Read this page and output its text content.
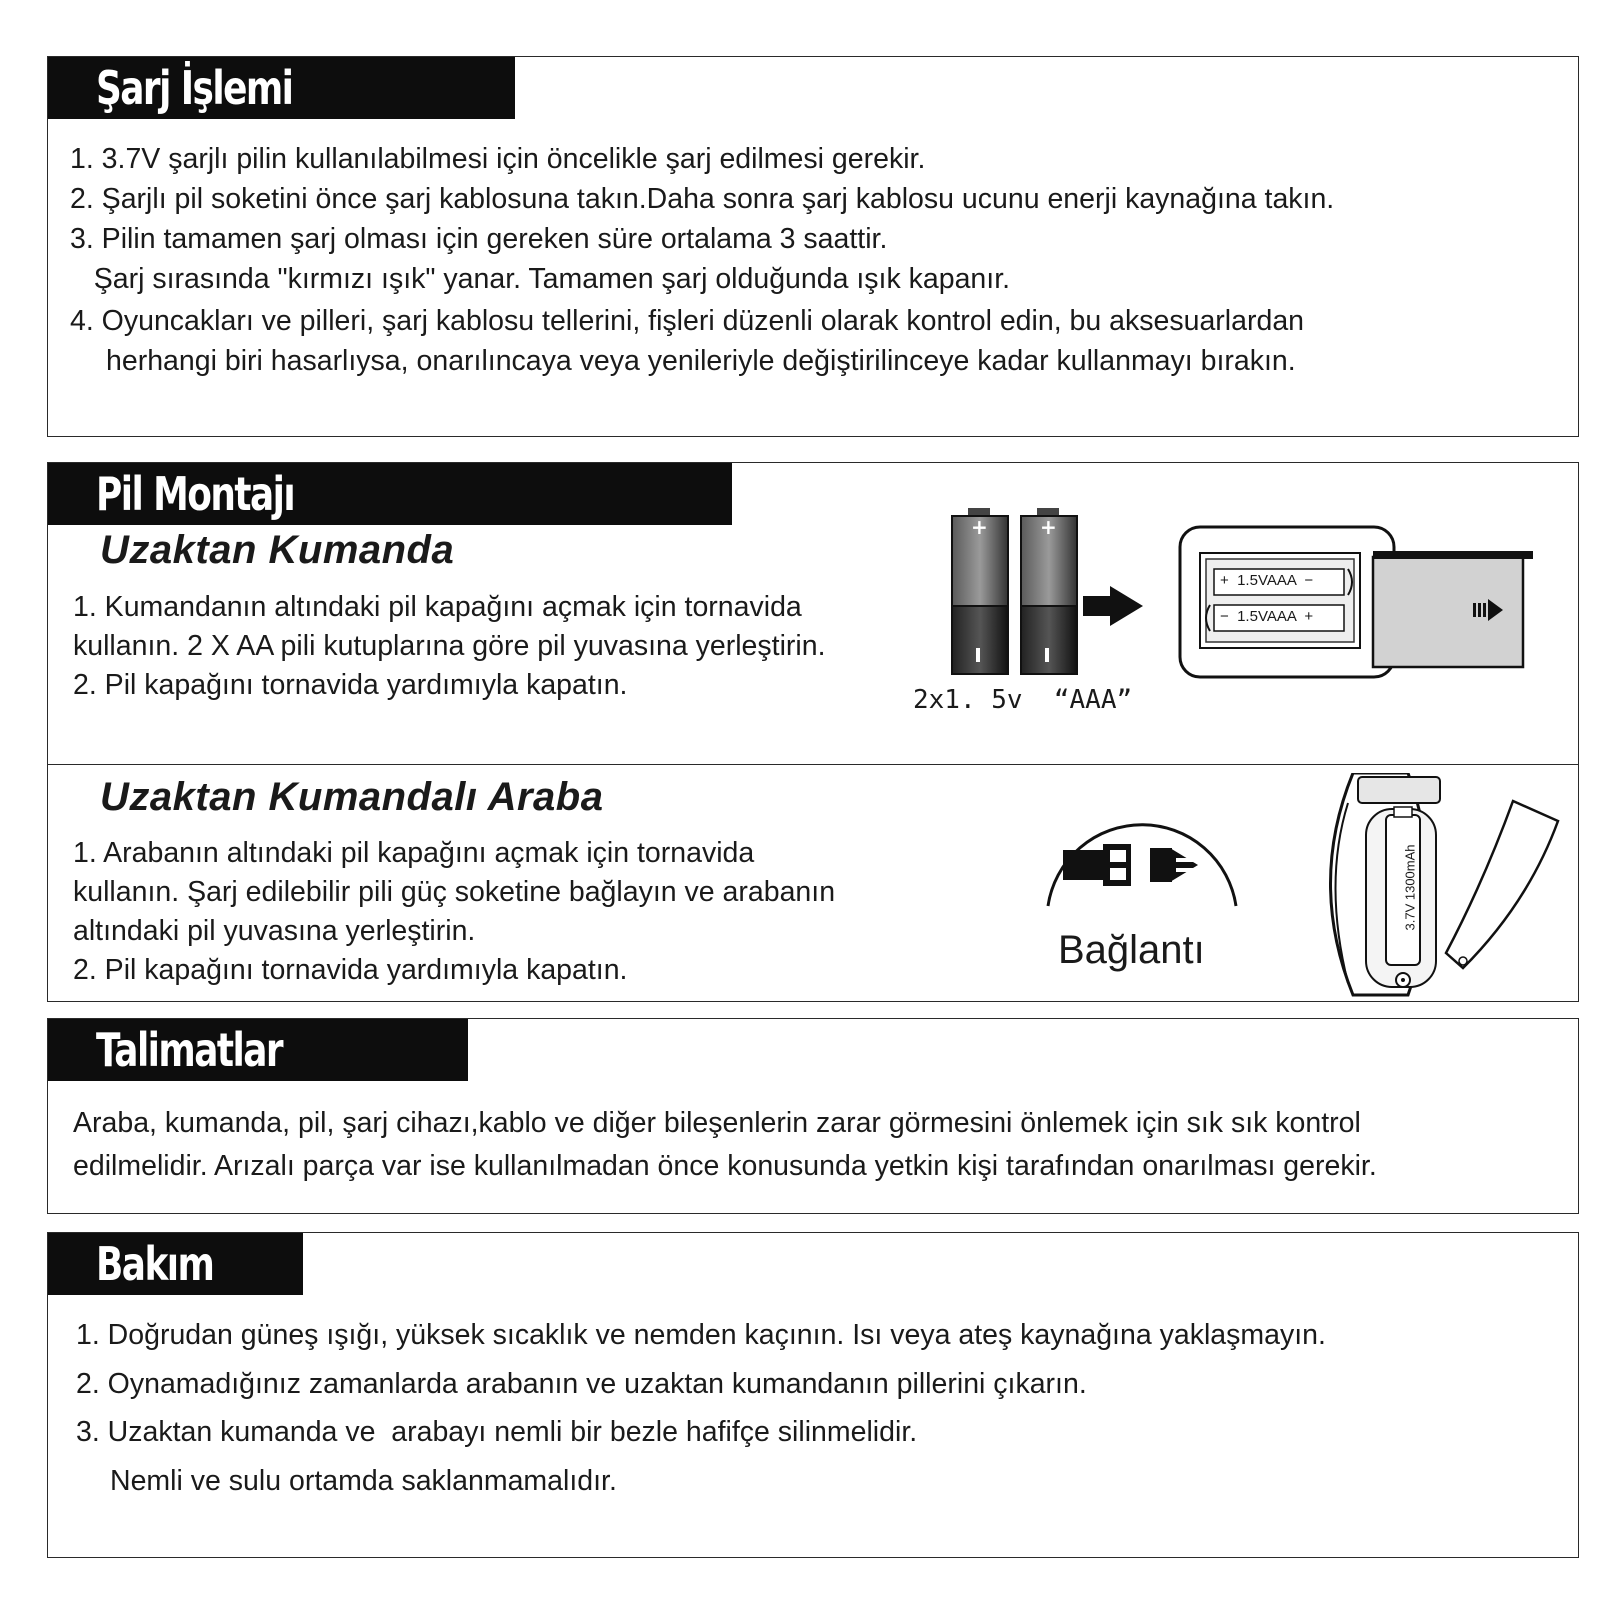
Şarj İşlemi
1. 3.7V şarjlı pilin kullanılabilmesi için öncelikle şarj edilmesi gerekir.
2. Şarjlı pil soketini önce şarj kablosuna takın.Daha sonra şarj kablosu ucunu enerji kaynağına takın.
3. Pilin tamamen şarj olması için gereken süre ortalama 3 saattir.
Şarj sırasında "kırmızı ışık" yanar. Tamamen şarj olduğunda ışık kapanır.
4. Oyuncakları ve pilleri, şarj kablosu tellerini, fişleri düzenli olarak kontrol edin, bu aksesuarlardan
herhangi biri hasarlıysa, onarılıncaya veya yenileriyle değiştirilinceye kadar kullanmayı bırakın.
Pil Montajı
Uzaktan Kumanda
1. Kumandanın altındaki pil kapağını açmak için tornavida
kullanın. 2 X AA pili kutuplarına göre pil yuvasına yerleştirin.
2. Pil kapağını tornavida yardımıyla kapatın.
+	+
2x1. 5v  “AAA”
+  1.5VAAA  −
−  1.5VAAA  +
Uzaktan Kumandalı Araba
1. Arabanın altındaki pil kapağını açmak için tornavida
kullanın. Şarj edilebilir pili güç soketine bağlayın ve arabanın
altındaki pil yuvasına yerleştirin.
2. Pil kapağını tornavida yardımıyla kapatın.	Bağlantı
3.7V 1300mAh
Talimatlar
Araba, kumanda, pil, şarj cihazı,kablo ve diğer bileşenlerin zarar görmesini önlemek için sık sık kontrol
edilmelidir. Arızalı parça var ise kullanılmadan önce konusunda yetkin kişi tarafından onarılması gerekir.
Bakım
1. Doğrudan güneş ışığı, yüksek sıcaklık ve nemden kaçının. Isı veya ateş kaynağına yaklaşmayın.
2. Oynamadığınız zamanlarda arabanın ve uzaktan kumandanın pillerini çıkarın.
3. Uzaktan kumanda ve  arabayı nemli bir bezle hafifçe silinmelidir.
Nemli ve sulu ortamda saklanmamalıdır.
